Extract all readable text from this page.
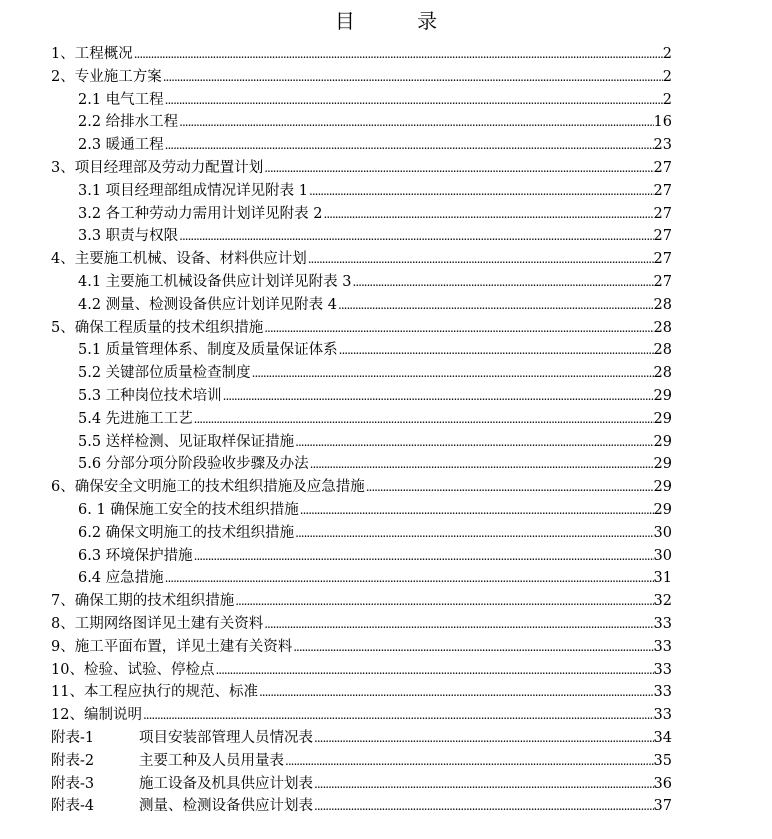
目 录
1、工程概况 .....	2
2、专业施工方案 .....	2
2.1 电气工程 .....	2
2.2 给排水工程 .....	16
2.3 暖通工程 .....	23
3、项目经理部及劳动力配置计划 .....	27
3.1 项目经理部组成情况详见附表 1 .....	27
3.2 各工种劳动力需用计划详见附表 2 .....	27
3.3 职责与权限 .....	27
4、主要施工机械、设备、材料供应计划 .....	27
4.1 主要施工机械设备供应计划详见附表 3 .....	27
4.2 测量、检测设备供应计划详见附表 4 .....	28
5、确保工程质量的技术组织措施 .....	28
5.1 质量管理体系、制度及质量保证体系 .....	28
5.2 关键部位质量检查制度 .....	28
5.3 工种岗位技术培训 .....	29
5.4 先进施工工艺 .....	29
5.5 送样检测、见证取样保证措施 .....	29
5.6 分部分项分阶段验收步骤及办法 .....	29
6、确保安全文明施工的技术组织措施及应急措施 .....	29
6. 1 确保施工安全的技术组织措施 .....	29
6.2 确保文明施工的技术组织措施 .....	30
6.3 环境保护措施 .....	30
6.4 应急措施 .....	31
7、确保工期的技术组织措施 .....	32
8、工期网络图详见土建有关资料 .....	33
9、施工平面布置，详见土建有关资料 .....	33
10、检验、试验、停检点 .....	33
11、本工程应执行的规范、标准 .....	33
12、编制说明 .....	33
附表-1	项目安装部管理人员情况表 .....	34
附表-2	主要工种及人员用量表 .....	35
附表-3	施工设备及机具供应计划表 .....	36
附表-4	测量、检测设备供应计划表 .....	37
